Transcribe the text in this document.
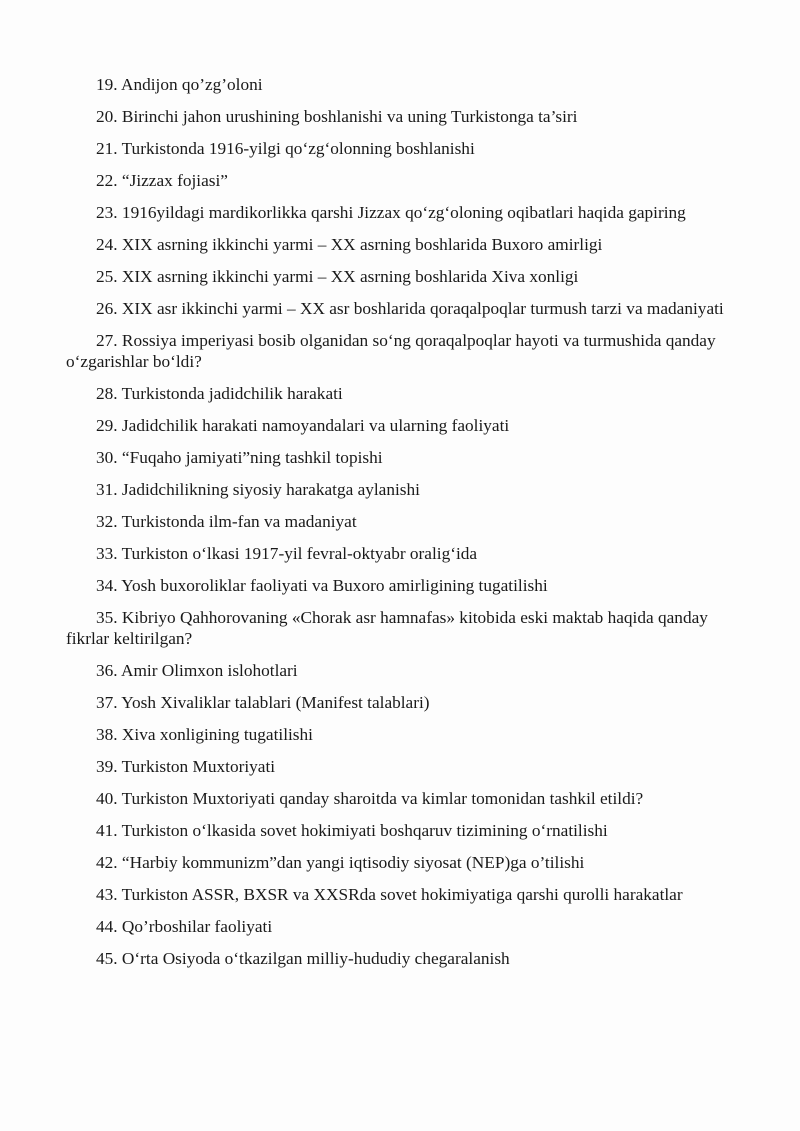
19. Andijon qo’zg’oloni
20. Birinchi jahon urushining boshlanishi va uning Turkistonga ta’siri
21. Turkistonda 1916-yilgi qo‘zg‘olonning boshlanishi
22. “Jizzax fojiasi”
23. 1916yildagi mardikorlikka qarshi Jizzax qo‘zg‘oloning oqibatlari haqida gapiring
24. XIX asrning ikkinchi yarmi – XX asrning boshlarida Buxoro amirligi
25. XIX asrning ikkinchi yarmi – XX asrning boshlarida Xiva xonligi
26. XIX asr ikkinchi yarmi – XX asr boshlarida qoraqalpoqlar turmush tarzi va madaniyati
27. Rossiya imperiyasi bosib olganidan so‘ng qoraqalpoqlar hayoti va turmushida qanday o‘zgarishlar bo‘ldi?
28. Turkistonda jadidchilik harakati
29. Jadidchilik harakati namoyandalari va ularning faoliyati
30. “Fuqaho jamiyati”ning tashkil topishi
31. Jadidchilikning siyosiy harakatga aylanishi
32. Turkistonda ilm-fan va madaniyat
33. Turkiston o‘lkasi 1917-yil fevral-oktyabr oralig‘ida
34. Yosh buxoroliklar faoliyati va Buxoro amirligining tugatilishi
35. Kibriyo Qahhorovaning «Chorak asr hamnafas» kitobida eski maktab haqida qanday fikrlar keltirilgan?
36. Amir Olimxon islohotlari
37. Yosh Xivaliklar talablari (Manifest talablari)
38. Xiva xonligining tugatilishi
39. Turkiston Muxtoriyati
40. Turkiston Muxtoriyati qanday sharoitda va kimlar tomonidan tashkil etildi?
41. Turkiston o‘lkasida sovet hokimiyati boshqaruv tizimining o‘rnatilishi
42. “Harbiy kommunizm”dan yangi iqtisodiy siyosat (NEP)ga o’tilishi
43. Turkiston ASSR, BXSR va XXSRda sovet hokimiyatiga qarshi qurolli harakatlar
44. Qo’rboshilar faoliyati
45. O‘rta Osiyoda o‘tkazilgan milliy-hududiy chegaralanish
